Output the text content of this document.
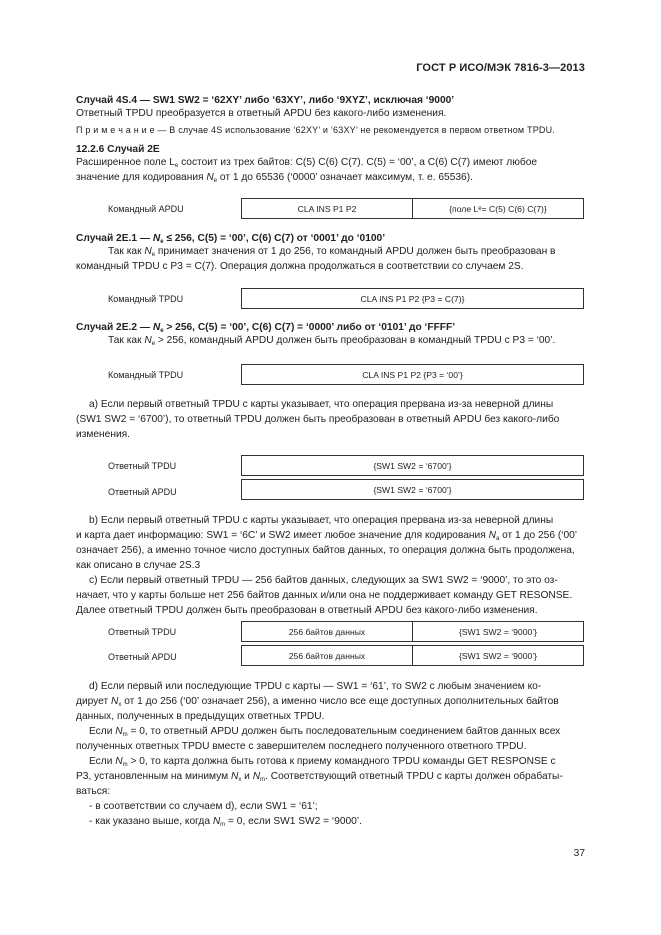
ГОСТ Р ИСО/МЭК 7816-3—2013
Случай 4S.4 — SW1 SW2 = ‘62XY’ либо ‘63XY’, либо ‘9XYZ’, исключая ‘9000’
Ответный TPDU преобразуется в ответный APDU без какого-либо изменения.
П р и м е ч а н и е — В случае 4S использование ‘62XY’ и ‘63XY’ не рекомендуется в первом ответном TPDU.
12.2.6 Случай 2E
Расширенное поле $L_e$ состоит из трех байтов: C(5) C(6) C(7). C(5) = ‘00’, а C(6) C(7) имеют любое
значение для кодирования $N_e$ от 1 до 65536 (‘0000’ означает максимум, т. е. 65536).
Командный APDU	CLA INS P1 P2	{поле L e = C(5) C(6) C(7)}
Случай 2E.1 — $N_e \le 256$, C(5) = ‘00’, C(6) C(7) от ‘0001’ до ‘0100’
Так как $N_e$ принимает значения от 1 до 256, то командный APDU должен быть преобразован в
командный TPDU с P3 = C(7). Операция должна продолжаться в соответствии со случаем 2S.
Командный TPDU	CLA INS P1 P2 {P3 = C(7)}
Случай 2E.2 — $N_e > 256$, C(5) = ‘00’, C(6) C(7) = ‘0000’ либо от ‘0101’ до ‘FFFF’
Так как $N_e > 256$, командный APDU должен быть преобразован в командный TPDU с P3 = ‘00’.
Командный TPDU	CLA INS P1 P2 {P3 = ‘00’}
a) Если первый ответный TPDU с карты указывает, что операция прервана из-за неверной длины
(SW1 SW2 = ‘6700’), то ответный TPDU должен быть преобразован в ответный APDU без какого-либо
изменения.
Ответный TPDU	{SW1 SW2 = ‘6700’}
Ответный APDU	{SW1 SW2 = ‘6700’}
b) Если первый ответный TPDU с карты указывает, что операция прервана из-за неверной длины
и карта дает информацию: SW1 = ‘6C’ и SW2 имеет любое значение для кодирования $N_a$ от 1 до 256 (‘00’
означает 256), а именно точное число доступных байтов данных, то операция должна быть продолжена,
как описано в случае 2S.3
c) Если первый ответный TPDU — 256 байтов данных, следующих за SW1 SW2 = ‘9000’, то это оз-
начает, что у карты больше нет 256 байтов данных и/или она не поддерживает команду GET RESONSE.
Далее ответный TPDU должен быть преобразован в ответный APDU без какого-либо изменения.
Ответный TPDU	256 байтов данных	{SW1 SW2 = ‘9000’}
Ответный APDU	256 байтов данных	{SW1 SW2 = ‘9000’}
d) Если первый или последующие TPDU с карты — SW1 = ‘61’, то SW2 с любым значением ко-
дирует $N_x$ от 1 до 256 (‘00’ означает 256), а именно число все еще доступных дополнительных байтов
данных, полученных в предыдущих ответных TPDU.
Если $N_m = 0$, то ответный APDU должен быть последовательным соединением байтов данных всех
полученных ответных TPDU вместе с завершителем последнего полученного ответного TPDU.
Если $N_m > 0$, то карта должна быть готова к приему командного TPDU команды GET RESPONSE с
P3, установленным на минимум $N_x$ и $N_m$. Соответствующий ответный TPDU с карты должен обрабаты-
ваться:
- в соответствии со случаем d), если SW1 = ‘61’;
- как указано выше, когда $N_m = 0$, если SW1 SW2 = ‘9000’.
37
